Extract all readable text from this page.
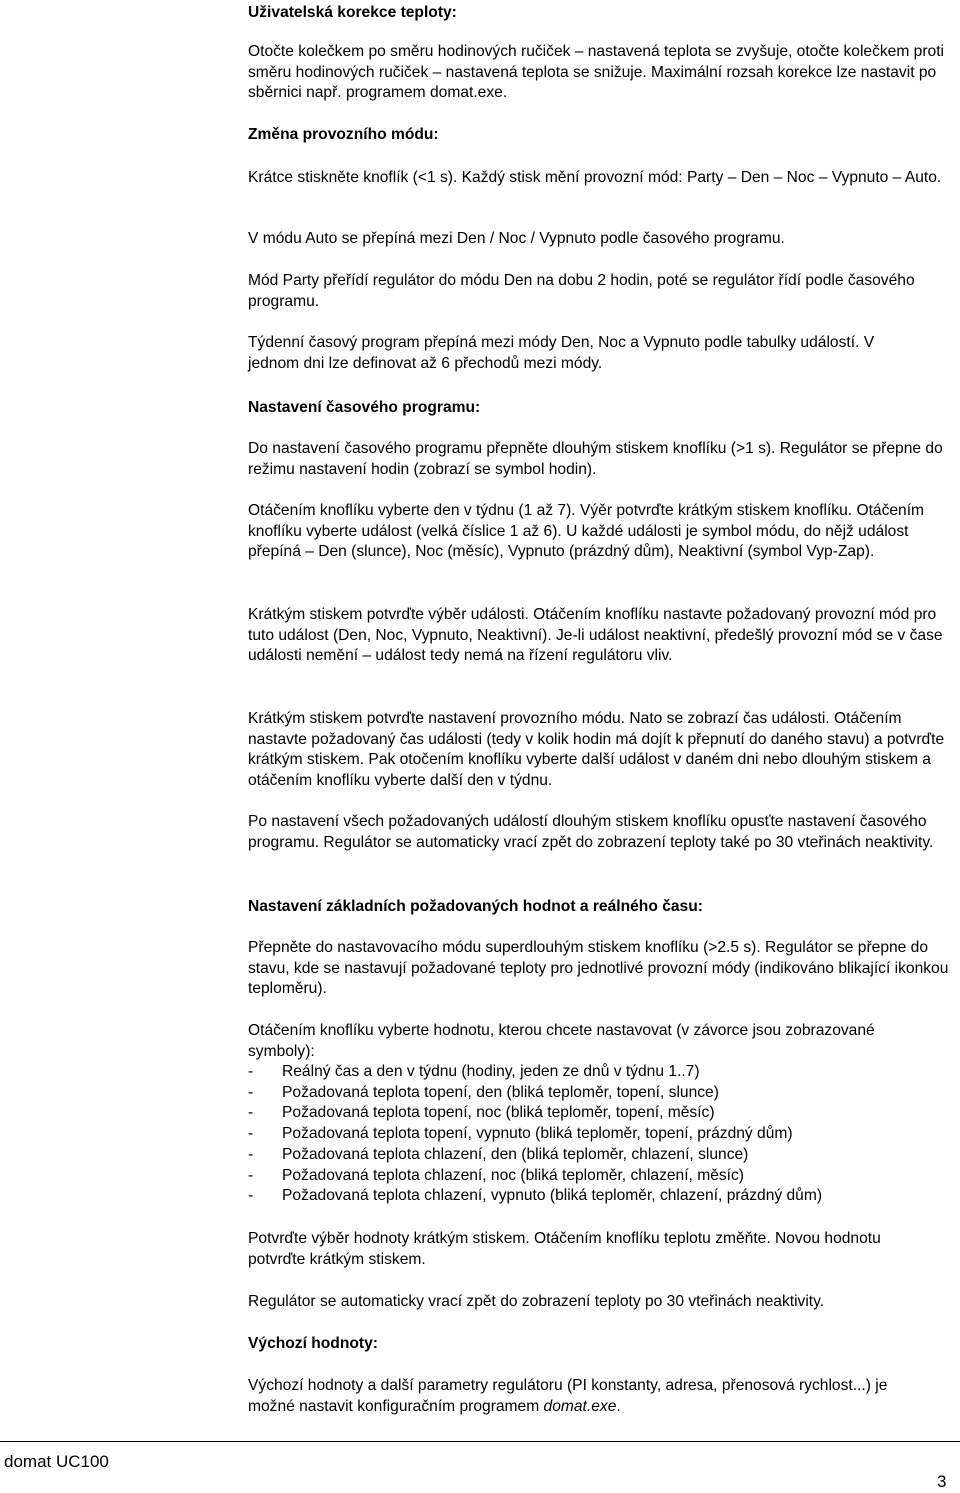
Uživatelská korekce teploty:

Otočte kolečkem po směru hodinových ručiček – nastavená teplota se zvyšuje, otočte kolečkem proti směru hodinových ručiček – nastavená teplota se snižuje. Maximální rozsah korekce lze nastavit po sběrnici např. programem domat.exe.

Změna provozního módu:

Krátce stiskněte knoflík (<1 s). Každý stisk mění provozní mód: Party – Den – Noc – Vypnuto – Auto.

V módu Auto se přepíná mezi Den / Noc / Vypnuto podle časového programu.

Mód Party přeřídí regulátor do módu Den na dobu 2 hodin, poté se regulátor řídí podle časového programu.

Týdenní časový program přepíná mezi módy Den, Noc a Vypnuto podle tabulky událostí. V jednom dni lze definovat až 6 přechodů mezi módy.

Nastavení časového programu:

Do nastavení časového programu přepněte dlouhým stiskem knoflíku (>1 s). Regulátor se přepne do režimu nastavení hodin (zobrazí se symbol hodin).

Otáčením knoflíku vyberte den v týdnu (1 až 7). Výěr potvrďte krátkým stiskem knoflíku. Otáčením knoflíku vyberte událost (velká číslice 1 až 6). U každé události je symbol módu, do nějž událost přepíná – Den (slunce), Noc (měsíc), Vypnuto (prázdný dům), Neaktivní (symbol Vyp-Zap).

Krátkým stiskem potvrďte výběr události. Otáčením knoflíku nastavte požadovaný provozní mód pro tuto událost (Den, Noc, Vypnuto, Neaktivní). Je-li událost neaktivní, předešlý provozní mód se v čase události nemění – událost tedy nemá na řízení regulátoru vliv.

Krátkým stiskem potvrďte nastavení provozního módu. Nato se zobrazí čas události. Otáčením nastavte požadovaný čas události (tedy v kolik hodin má dojít k přepnutí do daného stavu) a potvrďte krátkým stiskem. Pak otočením knoflíku vyberte další událost v daném dni nebo dlouhým stiskem a otáčením knoflíku vyberte další den v týdnu.

Po nastavení všech požadovaných událostí dlouhým stiskem knoflíku opusťte nastavení časového programu. Regulátor se automaticky vrací zpět do zobrazení teploty také po 30 vteřinách neaktivity.

Nastavení základních požadovaných hodnot a reálného času:

Přepněte do nastavovacího módu superdlouhým stiskem knoflíku (>2.5 s). Regulátor se přepne do stavu, kde se nastavují požadované teploty pro jednotlivé provozní módy (indikováno blikající ikonkou teploměru).

Otáčením knoflíku vyberte hodnotu, kterou chcete nastavovat (v závorce jsou zobrazované symboly):

- Reálný čas a den v týdnu (hodiny, jeden ze dnů v týdnu 1..7)
- Požadovaná teplota topení, den (bliká teploměr, topení, slunce)
- Požadovaná teplota topení, noc (bliká teploměr, topení, měsíc)
- Požadovaná teplota topení, vypnuto (bliká teploměr, topení, prázdný dům)
- Požadovaná teplota chlazení, den (bliká teploměr, chlazení, slunce)
- Požadovaná teplota chlazení, noc (bliká teploměr, chlazení, měsíc)
- Požadovaná teplota chlazení, vypnuto (bliká teploměr, chlazení, prázdný dům)

Potvrďte výběr hodnoty krátkým stiskem. Otáčením knoflíku teplotu změňte. Novou hodnotu potvrďte krátkým stiskem.

Regulátor se automaticky vrací zpět do zobrazení teploty po 30 vteřinách neaktivity.

Výchozí hodnoty:

Výchozí hodnoty a další parametry regulátoru (PI konstanty, adresa, přenosová rychlost...) je možné nastavit konfiguračním programem domat.exe.

domat UC100
3
